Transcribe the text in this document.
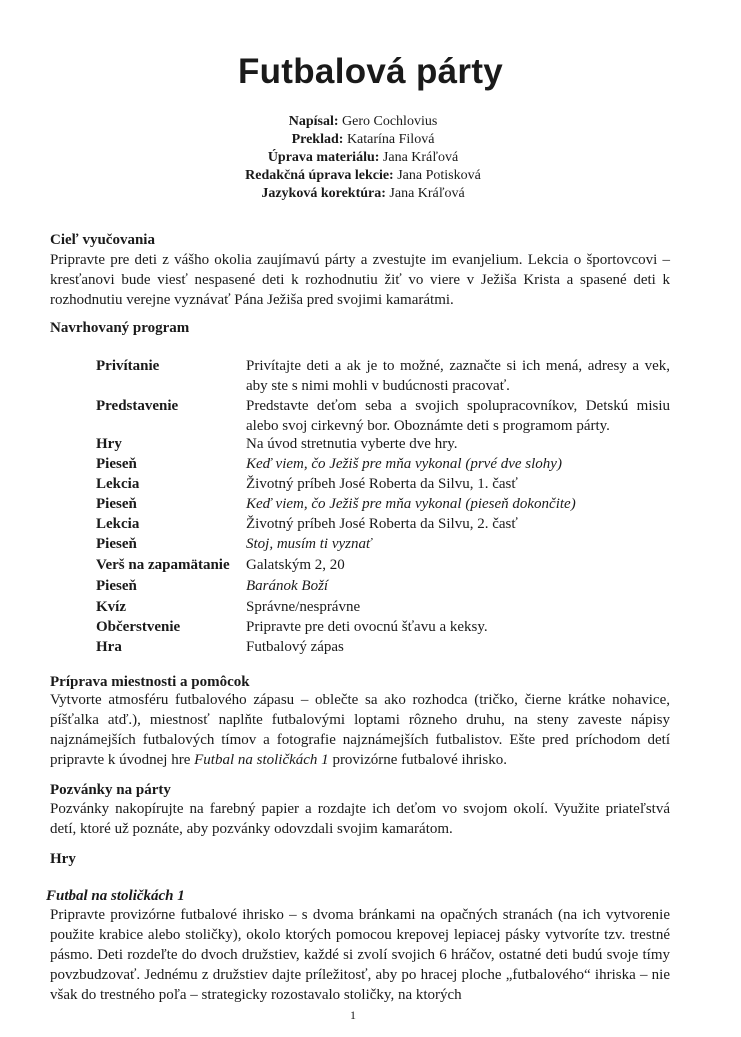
Futbalová párty
Napísal: Gero Cochlovius
Preklad: Katarína Filová
Úprava materiálu: Jana Kráľová
Redakčná úprava lekcie: Jana Potisková
Jazyková korektúra: Jana Kráľová
Cieľ vyučovania

Pripravte pre deti z vášho okolia zaujímavú párty a zvestujte im evanjelium. Lekcia o športovcovi – kresťanovi bude viesť nespasené deti k rozhodnutiu žiť vo viere v Ježiša Krista a spasené deti k rozhodnutiu verejne vyznávať Pána Ježiša pred svojimi kamarátmi.

Navrhovaný program
Privítanie	Privítajte deti a ak je to možné, zaznačte si ich mená, adresy a vek, aby ste s nimi mohli v budúcnosti pracovať.
Predstavenie	Predstavte deťom seba a svojich spolupracovníkov, Detskú misiu alebo svoj cirkevný bor. Oboznámte deti s programom párty.
Hry	Na úvod stretnutia vyberte dve hry.
Pieseň	Keď viem, čo Ježiš pre mňa vykonal (prvé dve slohy)
Lekcia	Životný príbeh José Roberta da Silvu, 1. časť
Pieseň	Keď viem, čo Ježiš pre mňa vykonal (pieseň dokončite)
Lekcia	Životný príbeh José Roberta da Silvu, 2. časť
Pieseň	Stoj, musím ti vyznať
Verš na zapamätanie Galatským 2, 20
Pieseň	Baránok Boží
Kvíz	Správne/nesprávne
Občerstvenie	Pripravte pre deti ovocnú šťavu a keksy.
Hra	Futbalový zápas
Príprava miestnosti a pomôcok

Vytvorte atmosféru futbalového zápasu – oblečte sa ako rozhodca (tričko, čierne krátke nohavice, píšťalka atď.), miestnosť naplňte futbalovými loptami rôzneho druhu, na steny zaveste nápisy najznámejších futbalových tímov a fotografie najznámejších futbalistov. Ešte pred príchodom detí pripravte k úvodnej hre Futbal na stoličkách 1 provizórne futbalové ihrisko.

Pozvánky na párty

Pozvánky nakopírujte na farebný papier a rozdajte ich deťom vo svojom okolí. Využite priateľstvá detí, ktoré už poznáte, aby pozvánky odovzdali svojim kamarátom.

Hry
Futbal na stoličkách 1

Pripravte provizórne futbalové ihrisko – s dvoma bránkami na opačných stranách (na ich vytvorenie použite krabice alebo stoličky), okolo ktorých pomocou krepovej lepiacej pásky vytvoríte tzv. trestné pásmo. Deti rozdeľte do dvoch družstiev, každé si zvolí svojich 6 hráčov, ostatné deti budú svoje tímy povzbudzovať. Jednému z družstiev dajte príležitosť, aby po hracej ploche „futbalového“ ihriska – nie však do trestného poľa – strategicky rozostavalo stoličky, na ktorých

1
